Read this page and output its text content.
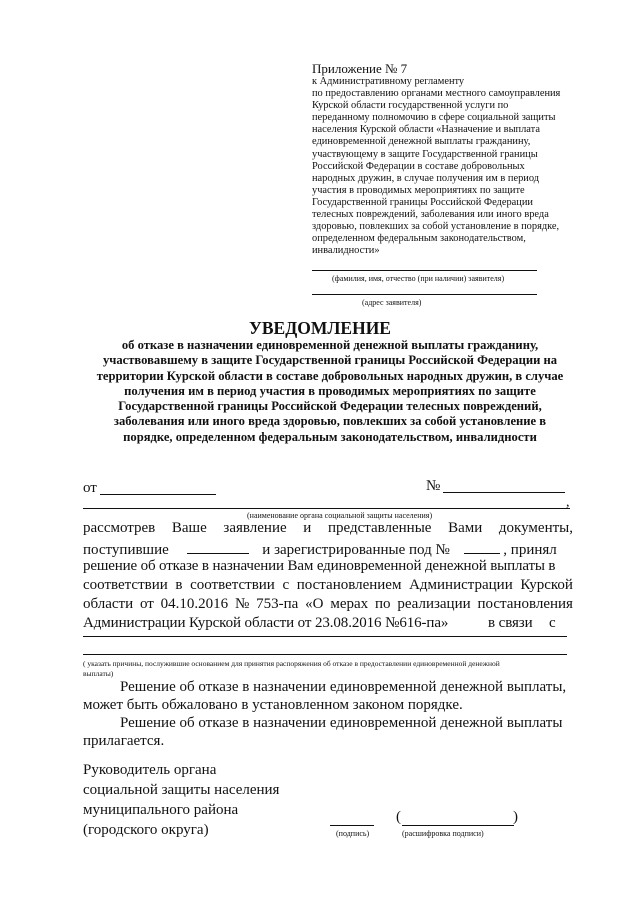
Приложение № 7
к Административному регламенту
по предоставлению органами местного самоуправления
Курской области государственной услуги по
переданному полномочию в сфере социальной защиты
населения Курской области «Назначение и выплата
единовременной денежной выплаты гражданину,
участвующему в защите Государственной границы
Российской Федерации в составе добровольных
народных дружин, в случае получения им в период
участия в проводимых мероприятиях по защите
Государственной границы Российской Федерации
телесных повреждений, заболевания или иного вреда
здоровью, повлекших за собой установление в порядке,
определенном федеральным законодательством,
инвалидности»
(фамилия, имя, отчество (при наличии) заявителя)
(адрес заявителя)
УВЕДОМЛЕНИЕ
об отказе в назначении единовременной денежной выплаты гражданину,
участвовавшему в защите Государственной границы Российской Федерации на
территории Курской области в составе добровольных народных дружин, в случае
получения им в период участия в проводимых мероприятиях по защите
Государственной границы Российской Федерации телесных повреждений,
заболевания или иного вреда здоровью, повлекших за собой установление в
порядке, определенном федеральным законодательством, инвалидности
от	№
,
(наименование органа социальной защиты населения)
рассмотрев Ваше заявление и представленные Вами документы,
поступившие	и зарегистрированные под №	, принял
решение об отказе в назначении Вам единовременной денежной выплаты в
соответствии в соответствии с постановлением Администрации Курской
области от 04.10.2016 № 753-па «О мерах по реализации постановления
Администрации Курской области от 23.08.2016 №616-па»	в связи с
( указать причины, послужившие основанием для принятия распоряжения об отказе в предоставлении единовременной денежной
выплаты)
Решение об отказе в назначении единовременной денежной выплаты,
может быть обжаловано в установленном законом порядке.
Решение об отказе в назначении единовременной денежной выплаты
прилагается.
Руководитель органа
социальной защиты населения
муниципального района
(городского округа)	(подпись)
(	)
(расшифровка подписи)
